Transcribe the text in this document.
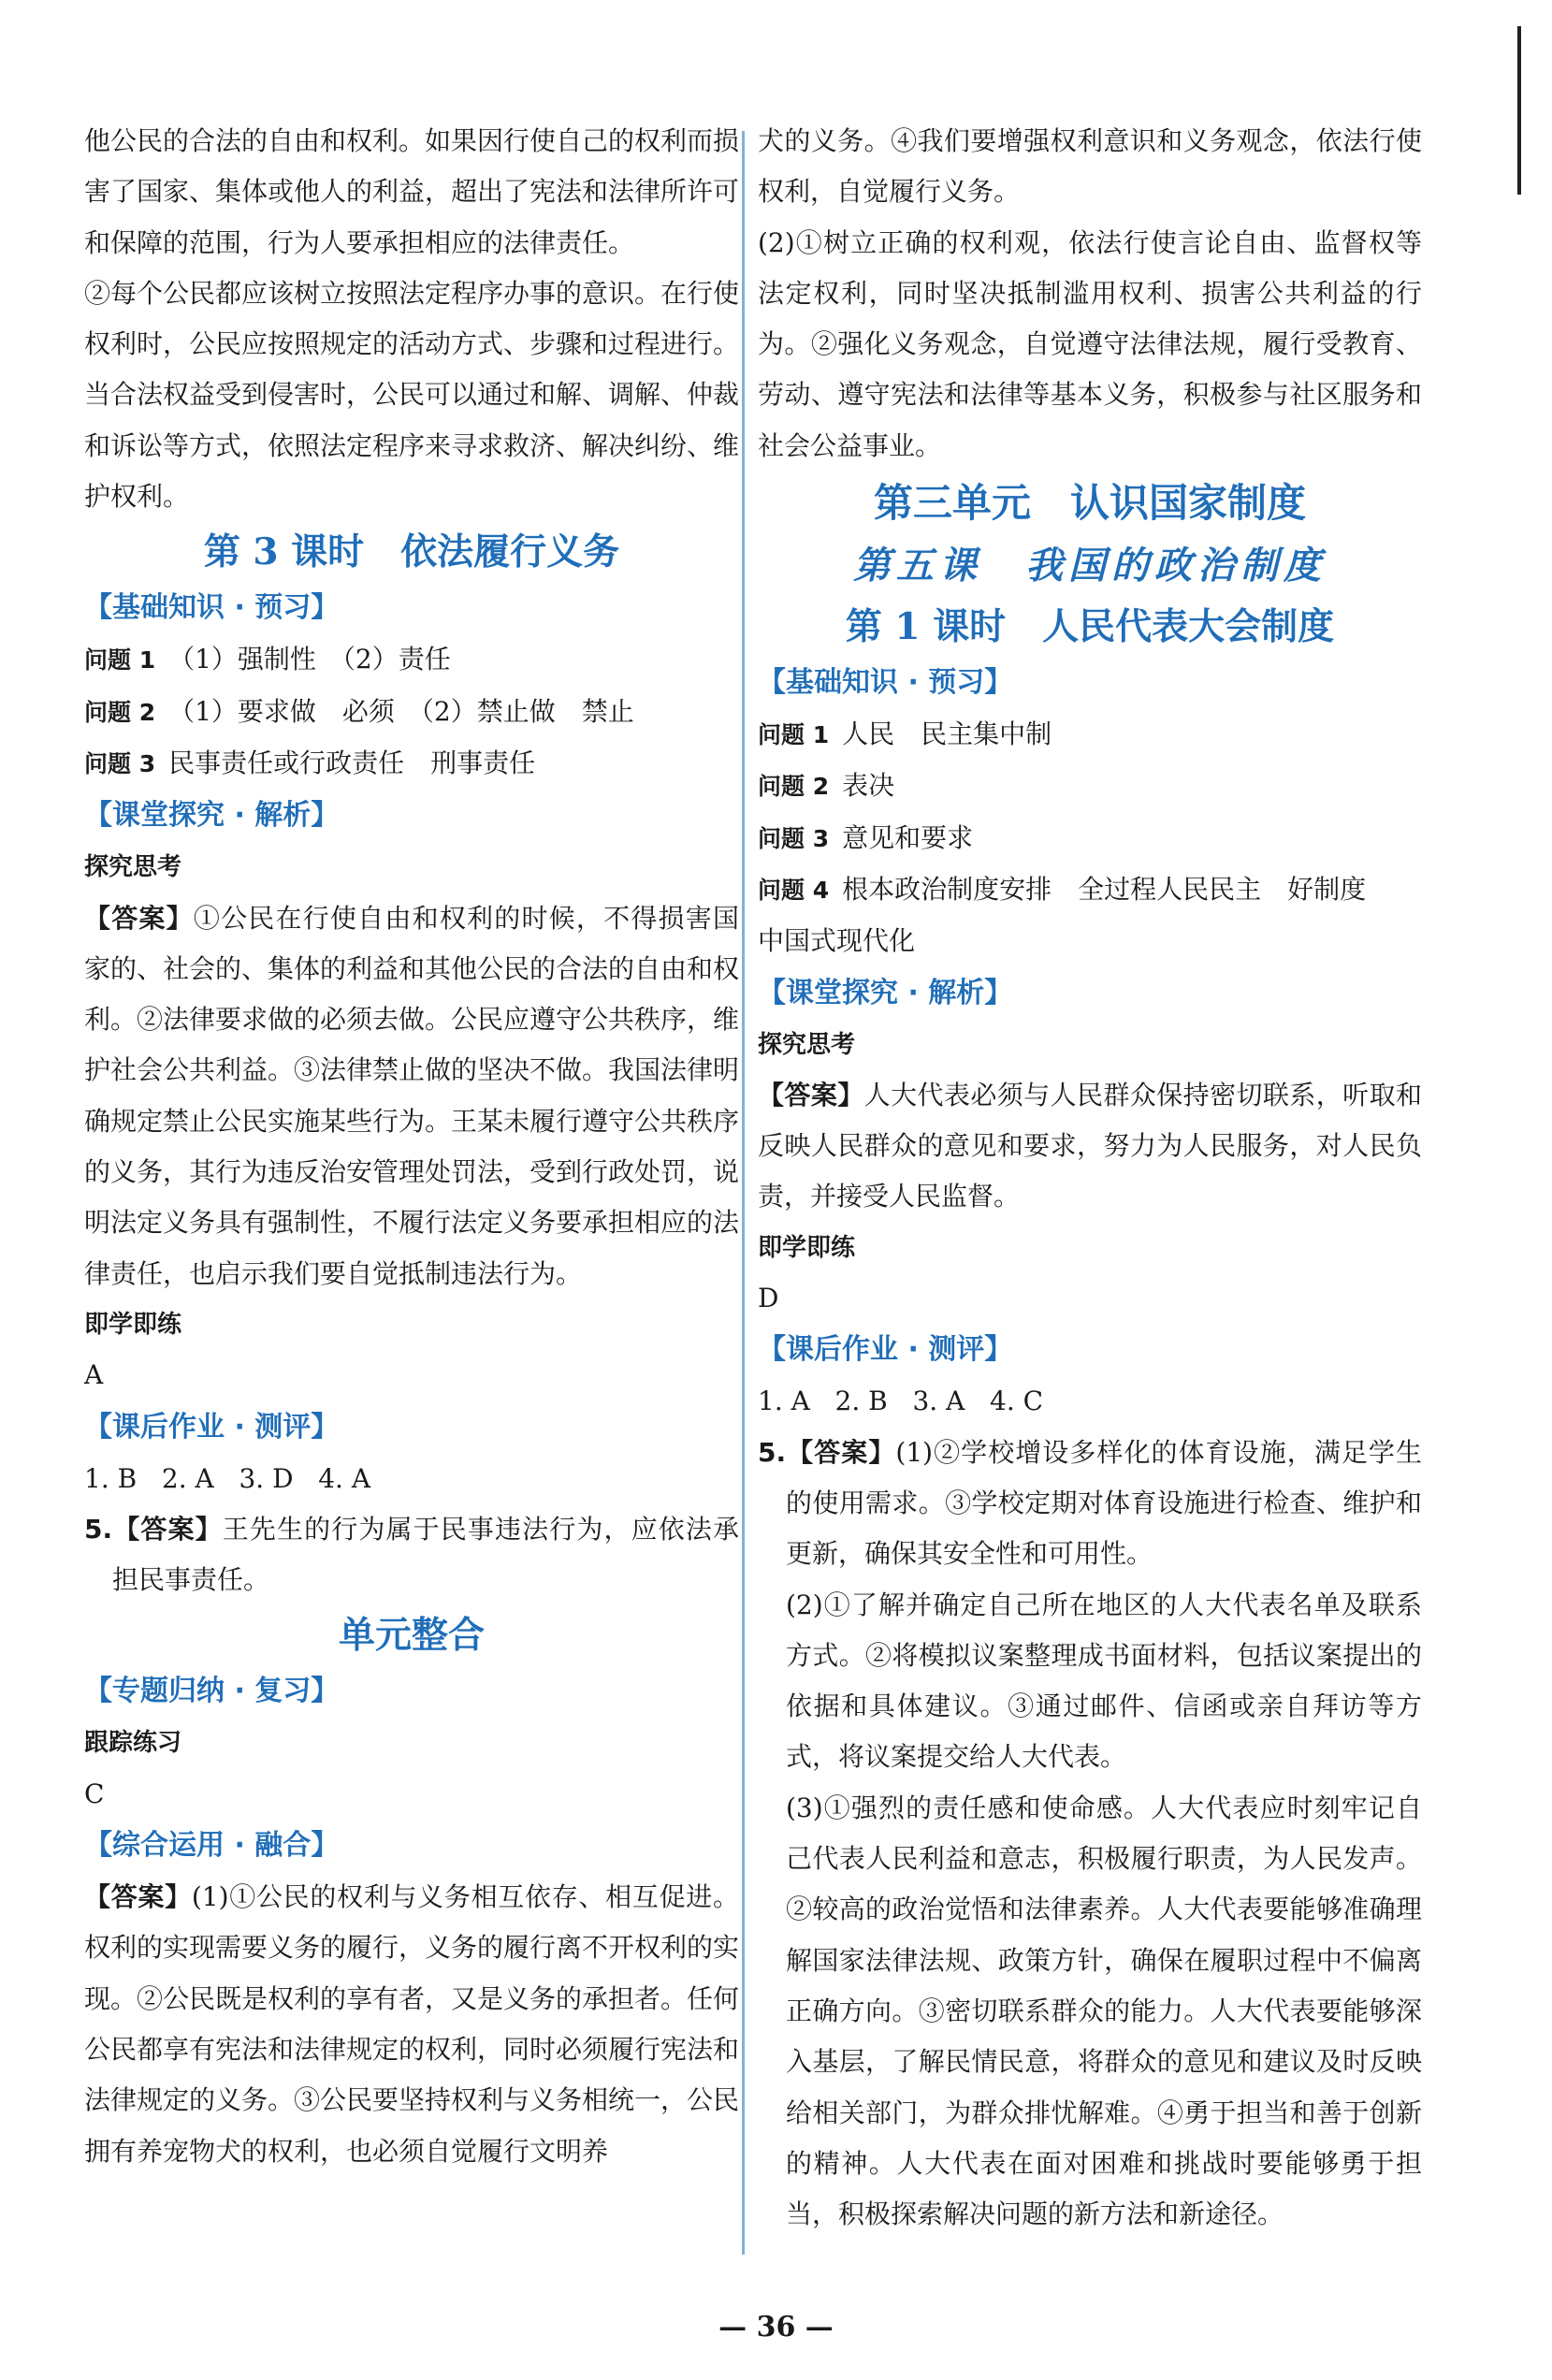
他公民的合法的自由和权利。如果因行使自己的权利而损害了国家、集体或他人的利益，超出了宪法和法律所许可和保障的范围，行为人要承担相应的法律责任。

②每个公民都应该树立按照法定程序办事的意识。在行使权利时，公民应按照规定的活动方式、步骤和过程进行。当合法权益受到侵害时，公民可以通过和解、调解、仲裁和诉讼等方式，依照法定程序来寻求救济、解决纠纷、维护权利。

第 3 课时　依法履行义务
【基础知识 · 预习】
问题 1 （1）强制性　（2）责任
问题 2 （1）要求做　必须　（2）禁止做　禁止
问题 3 民事责任或行政责任　刑事责任
【课堂探究 · 解析】
探究思考

【答案】①公民在行使自由和权利的时候，不得损害国家的、社会的、集体的利益和其他公民的合法的自由和权利。②法律要求做的必须去做。公民应遵守公共秩序，维护社会公共利益。③法律禁止做的坚决不做。我国法律明确规定禁止公民实施某些行为。王某未履行遵守公共秩序的义务，其行为违反治安管理处罚法，受到行政处罚，说明法定义务具有强制性，不履行法定义务要承担相应的法律责任，也启示我们要自觉抵制违法行为。

即学即练

A

【课后作业 · 测评】
1. B 2. A 3. D 4. A

5.【答案】王先生的行为属于民事违法行为，应依法承担民事责任。

单元整合
【专题归纳 · 复习】
跟踪练习

C

【综合运用 · 融合】

【答案】(1)①公民的权利与义务相互依存、相互促进。权利的实现需要义务的履行，义务的履行离不开权利的实现。②公民既是权利的享有者，又是义务的承担者。任何公民都享有宪法和法律规定的权利，同时必须履行宪法和法律规定的义务。③公民要坚持权利与义务相统一，公民拥有养宠物犬的权利，也必须自觉履行文明养

犬的义务。④我们要增强权利意识和义务观念，依法行使权利，自觉履行义务。

(2)①树立正确的权利观，依法行使言论自由、监督权等法定权利，同时坚决抵制滥用权利、损害公共利益的行为。②强化义务观念，自觉遵守法律法规，履行受教育、劳动、遵守宪法和法律等基本义务，积极参与社区服务和社会公益事业。

第三单元　认识国家制度
第五课　我国的政治制度
第 1 课时　人民代表大会制度
【基础知识 · 预习】
问题 1 人民　民主集中制
问题 2 表决
问题 3 意见和要求
问题 4 根本政治制度安排　全过程人民民主　好制度

中国式现代化

【课堂探究 · 解析】
探究思考

【答案】人大代表必须与人民群众保持密切联系，听取和反映人民群众的意见和要求，努力为人民服务，对人民负责，并接受人民监督。

即学即练

D

【课后作业 · 测评】
1. A 2. B 3. A 4. C

5.【答案】(1)②学校增设多样化的体育设施，满足学生的使用需求。③学校定期对体育设施进行检查、维护和更新，确保其安全性和可用性。

(2)①了解并确定自己所在地区的人大代表名单及联系方式。②将模拟议案整理成书面材料，包括议案提出的依据和具体建议。③通过邮件、信函或亲自拜访等方式，将议案提交给人大代表。

(3)①强烈的责任感和使命感。人大代表应时刻牢记自己代表人民利益和意志，积极履行职责，为人民发声。②较高的政治觉悟和法律素养。人大代表要能够准确理解国家法律法规、政策方针，确保在履职过程中不偏离正确方向。③密切联系群众的能力。人大代表要能够深入基层，了解民情民意，将群众的意见和建议及时反映给相关部门，为群众排忧解难。④勇于担当和善于创新的精神。人大代表在面对困难和挑战时要能够勇于担当，积极探索解决问题的新方法和新途径。

— 36 —
